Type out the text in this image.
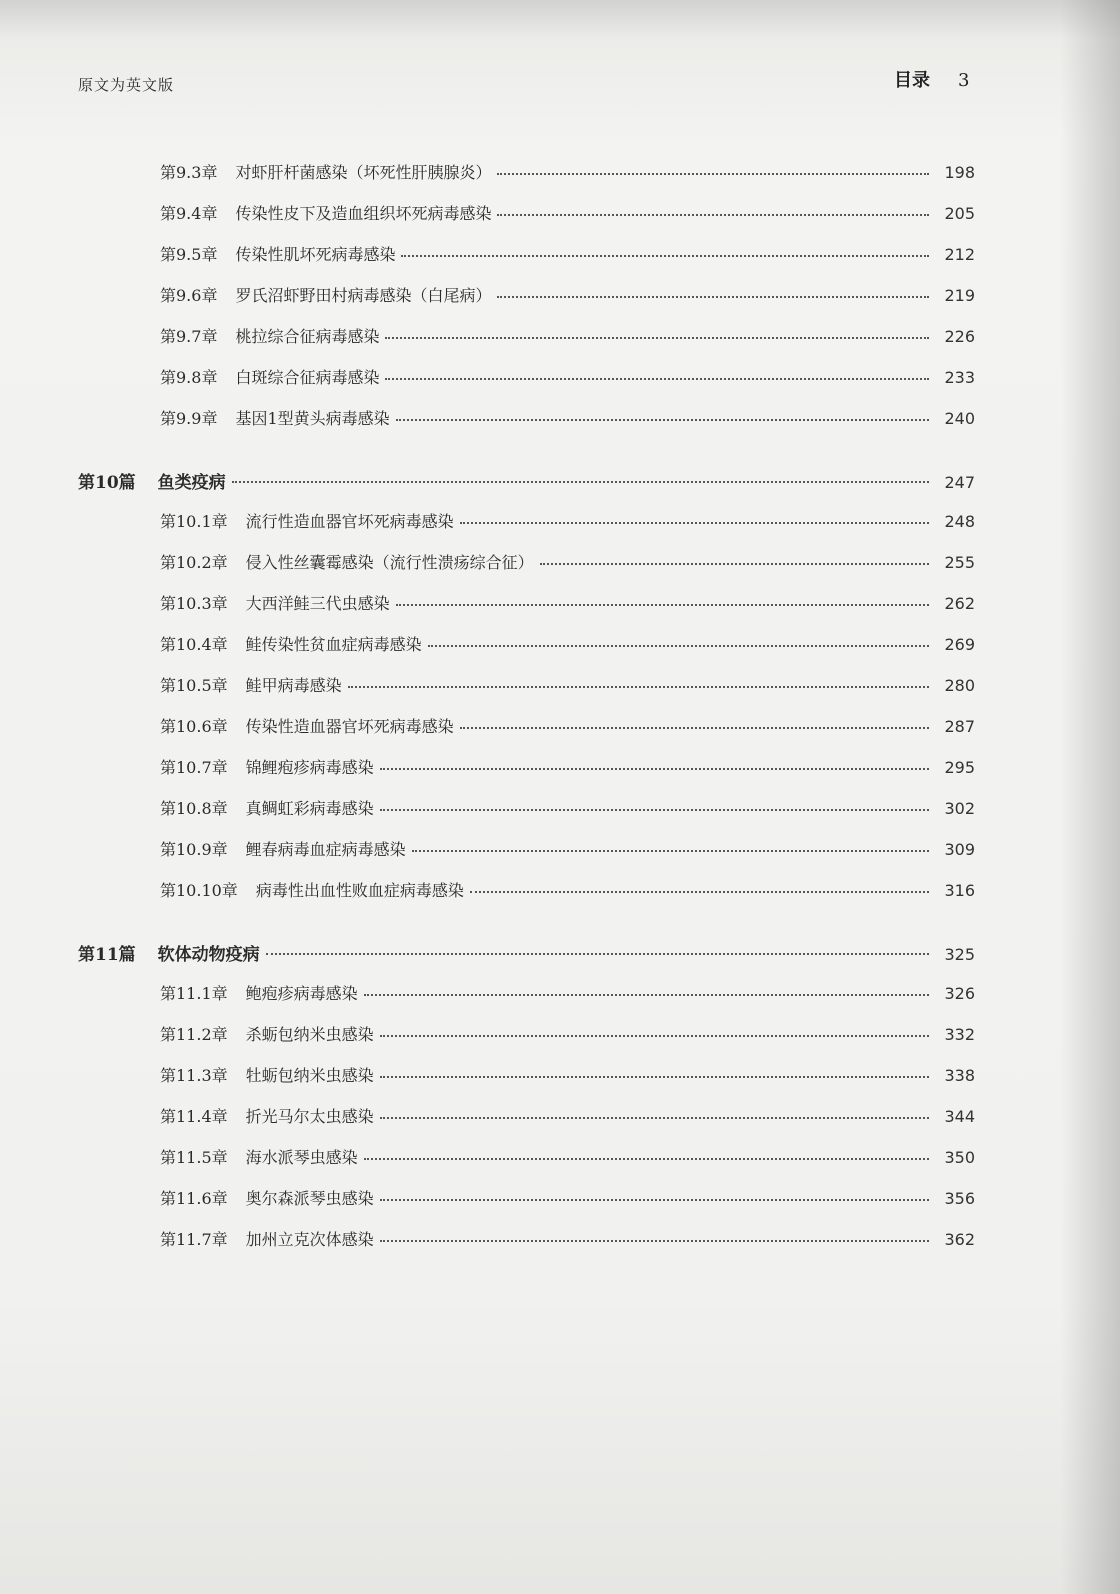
原文为英文版	目录 3
第9.3章 对虾肝杆菌感染（坏死性肝胰腺炎）	198
第9.4章 传染性皮下及造血组织坏死病毒感染	205
第9.5章 传染性肌坏死病毒感染	212
第9.6章 罗氏沼虾野田村病毒感染（白尾病）	219
第9.7章 桃拉综合征病毒感染	226
第9.8章 白斑综合征病毒感染	233
第9.9章 基因1型黄头病毒感染	240
第10篇 鱼类疫病	247
第10.1章 流行性造血器官坏死病毒感染	248
第10.2章 侵入性丝囊霉感染（流行性溃疡综合征）	255
第10.3章 大西洋鲑三代虫感染	262
第10.4章 鲑传染性贫血症病毒感染	269
第10.5章 鲑甲病毒感染	280
第10.6章 传染性造血器官坏死病毒感染	287
第10.7章 锦鲤疱疹病毒感染	295
第10.8章 真鲷虹彩病毒感染	302
第10.9章 鲤春病毒血症病毒感染	309
第10.10章 病毒性出血性败血症病毒感染	316
第11篇 软体动物疫病	325
第11.1章 鲍疱疹病毒感染	326
第11.2章 杀蛎包纳米虫感染	332
第11.3章 牡蛎包纳米虫感染	338
第11.4章 折光马尔太虫感染	344
第11.5章 海水派琴虫感染	350
第11.6章 奥尔森派琴虫感染	356
第11.7章 加州立克次体感染	362
